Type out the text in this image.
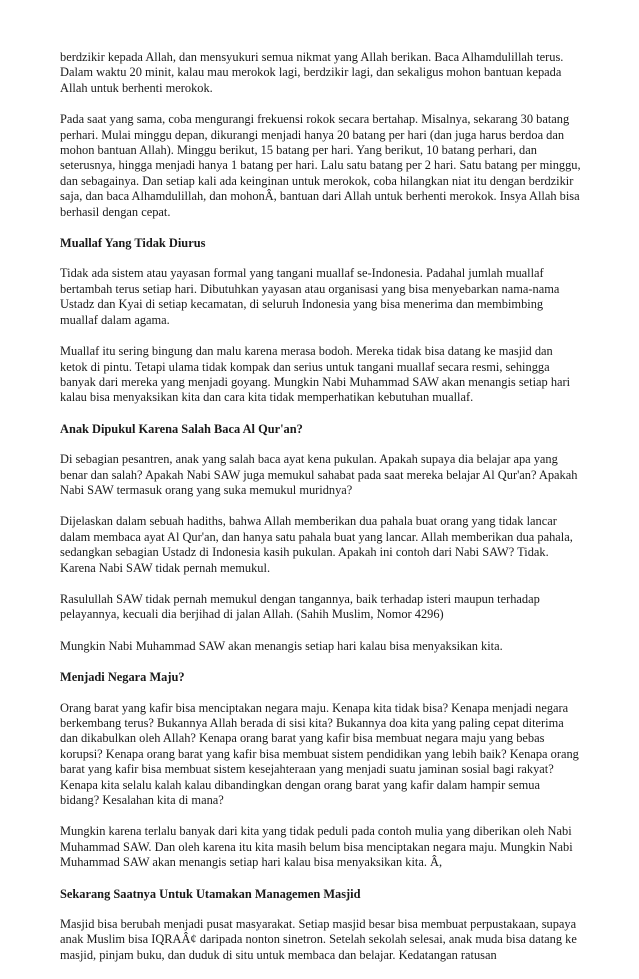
berdzikir kepada Allah, dan mensyukuri semua nikmat yang Allah berikan. Baca Alhamdulillah terus. Dalam waktu 20 minit, kalau mau merokok lagi, berdzikir lagi, dan sekaligus mohon bantuan kepada Allah untuk berhenti merokok.

Pada saat yang sama, coba mengurangi frekuensi rokok secara bertahap. Misalnya, sekarang 30 batang perhari. Mulai minggu depan, dikurangi menjadi hanya 20 batang per hari (dan juga harus berdoa dan mohon bantuan Allah). Minggu berikut, 15 batang per hari. Yang berikut, 10 batang perhari, dan seterusnya, hingga menjadi hanya 1 batang per hari. Lalu satu batang per 2 hari. Satu batang per minggu, dan sebagainya. Dan setiap kali ada keinginan untuk merokok, coba hilangkan niat itu dengan berdzikir saja, dan baca Alhamdulillah, dan mohonÂ, bantuan dari Allah untuk berhenti merokok. Insya Allah bisa berhasil dengan cepat.

Muallaf Yang Tidak Diurus

Tidak ada sistem atau yayasan formal yang tangani muallaf se-Indonesia. Padahal jumlah muallaf bertambah terus setiap hari. Dibutuhkan yayasan atau organisasi yang bisa menyebarkan nama-nama Ustadz dan Kyai di setiap kecamatan, di seluruh Indonesia yang bisa menerima dan membimbing muallaf dalam agama.

Muallaf itu sering bingung dan malu karena merasa bodoh. Mereka tidak bisa datang ke masjid dan ketok di pintu. Tetapi ulama tidak kompak dan serius untuk tangani muallaf secara resmi, sehingga banyak dari mereka yang menjadi goyang. Mungkin Nabi Muhammad SAW akan menangis setiap hari kalau bisa menyaksikan kita dan cara kita tidak memperhatikan kebutuhan muallaf.

Anak Dipukul Karena Salah Baca Al Qur'an?

Di sebagian pesantren, anak yang salah baca ayat kena pukulan. Apakah supaya dia belajar apa yang benar dan salah? Apakah Nabi SAW juga memukul sahabat pada saat mereka belajar Al Qur'an? Apakah Nabi SAW termasuk orang yang suka memukul muridnya?

Dijelaskan dalam sebuah hadiths, bahwa Allah memberikan dua pahala buat orang yang tidak lancar dalam membaca ayat Al Qur'an, dan hanya satu pahala buat yang lancar. Allah memberikan dua pahala, sedangkan sebagian Ustadz di Indonesia kasih pukulan. Apakah ini contoh dari Nabi SAW? Tidak. Karena Nabi SAW tidak pernah memukul.

Rasulullah SAW tidak pernah memukul dengan tangannya, baik terhadap isteri maupun terhadap pelayannya, kecuali dia berjihad di jalan Allah. (Sahih Muslim, Nomor 4296)

Mungkin Nabi Muhammad SAW akan menangis setiap hari kalau bisa menyaksikan kita.

Menjadi Negara Maju?

Orang barat yang kafir bisa menciptakan negara maju. Kenapa kita tidak bisa? Kenapa menjadi negara berkembang terus? Bukannya Allah berada di sisi kita? Bukannya doa kita yang paling cepat diterima dan dikabulkan oleh Allah? Kenapa orang barat yang kafir bisa membuat negara maju yang bebas korupsi? Kenapa orang barat yang kafir bisa membuat sistem pendidikan yang lebih baik? Kenapa orang barat yang kafir bisa membuat sistem kesejahteraan yang menjadi suatu jaminan sosial bagi rakyat? Kenapa kita selalu kalah kalau dibandingkan dengan orang barat yang kafir dalam hampir semua bidang? Kesalahan kita di mana?

Mungkin karena terlalu banyak dari kita yang tidak peduli pada contoh mulia yang diberikan oleh Nabi Muhammad SAW. Dan oleh karena itu kita masih belum bisa menciptakan negara maju. Mungkin Nabi Muhammad SAW akan menangis setiap hari kalau bisa menyaksikan kita. Â,

Sekarang Saatnya Untuk Utamakan Managemen Masjid

Masjid bisa berubah menjadi pusat masyarakat. Setiap masjid besar bisa membuat perpustakaan, supaya anak Muslim bisa IQRAÂ¢ daripada nonton sinetron. Setelah sekolah selesai, anak muda bisa datang ke masjid, pinjam buku, dan duduk di situ untuk membaca dan belajar. Kedatangan ratusan
